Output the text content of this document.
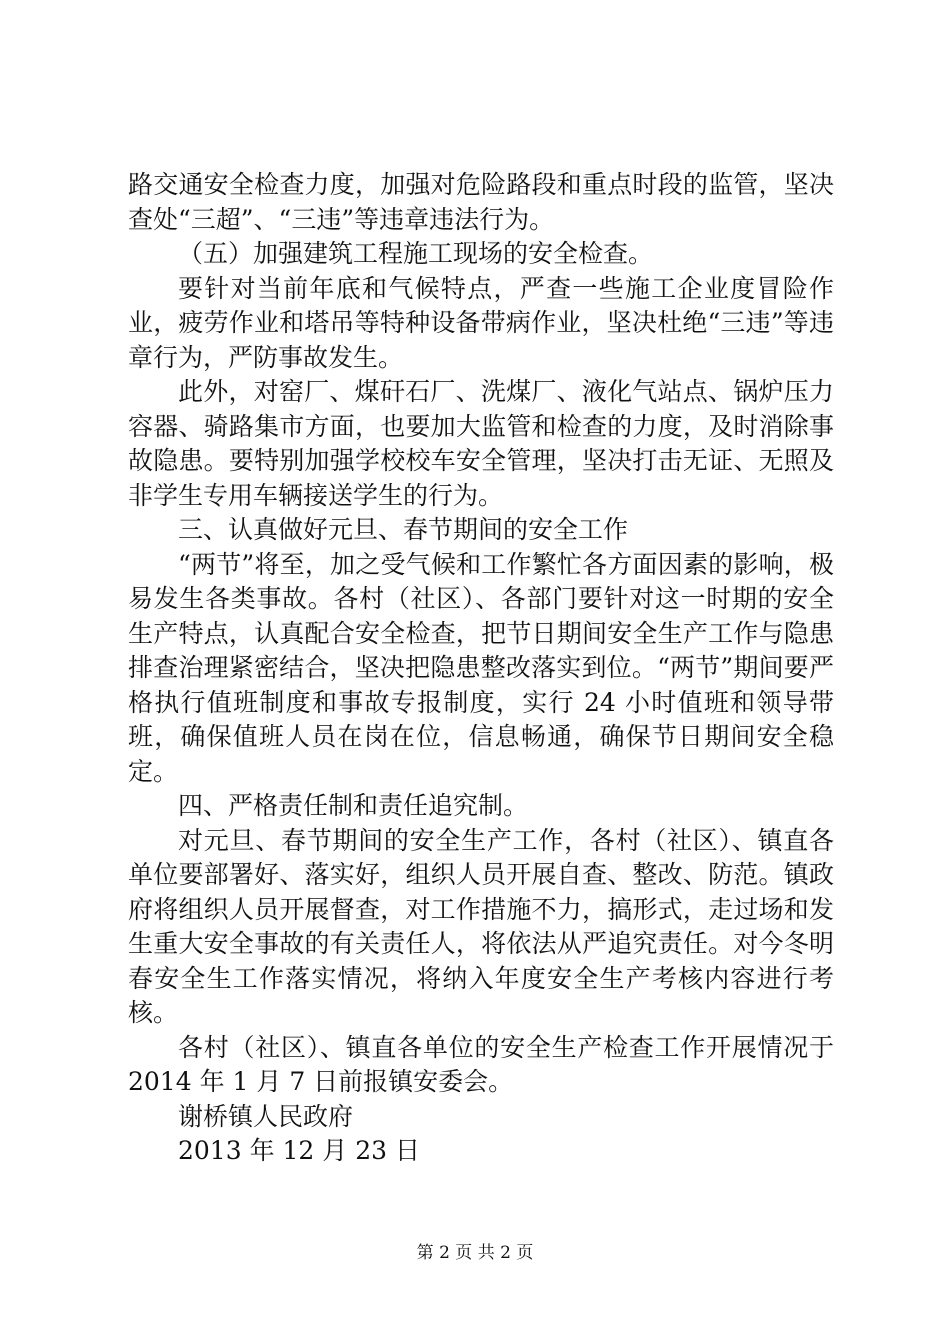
路交通安全检查力度，加强对危险路段和重点时段的监管，坚决查处“三超”、“三违”等违章违法行为。

（五）加强建筑工程施工现场的安全检查。

要针对当前年底和气候特点，严查一些施工企业度冒险作业，疲劳作业和塔吊等特种设备带病作业，坚决杜绝“三违”等违章行为，严防事故发生。

此外，对窑厂、煤矸石厂、洗煤厂、液化气站点、锅炉压力容器、骑路集市方面，也要加大监管和检查的力度，及时消除事故隐患。要特别加强学校校车安全管理，坚决打击无证、无照及非学生专用车辆接送学生的行为。

三、认真做好元旦、春节期间的安全工作

“两节”将至，加之受气候和工作繁忙各方面因素的影响，极易发生各类事故。各村（社区）、各部门要针对这一时期的安全生产特点，认真配合安全检查，把节日期间安全生产工作与隐患排查治理紧密结合，坚决把隐患整改落实到位。“两节”期间要严格执行值班制度和事故专报制度，实行 24 小时值班和领导带班，确保值班人员在岗在位，信息畅通，确保节日期间安全稳定。

四、严格责任制和责任追究制。

对元旦、春节期间的安全生产工作，各村（社区）、镇直各单位要部署好、落实好，组织人员开展自查、整改、防范。镇政府将组织人员开展督查，对工作措施不力，搞形式，走过场和发生重大安全事故的有关责任人，将依法从严追究责任。对今冬明春安全生工作落实情况，将纳入年度安全生产考核内容进行考核。

各村（社区）、镇直各单位的安全生产检查工作开展情况于 2014 年 1 月 7 日前报镇安委会。

谢桥镇人民政府

2013 年 12 月 23 日

第 2 页 共 2 页
